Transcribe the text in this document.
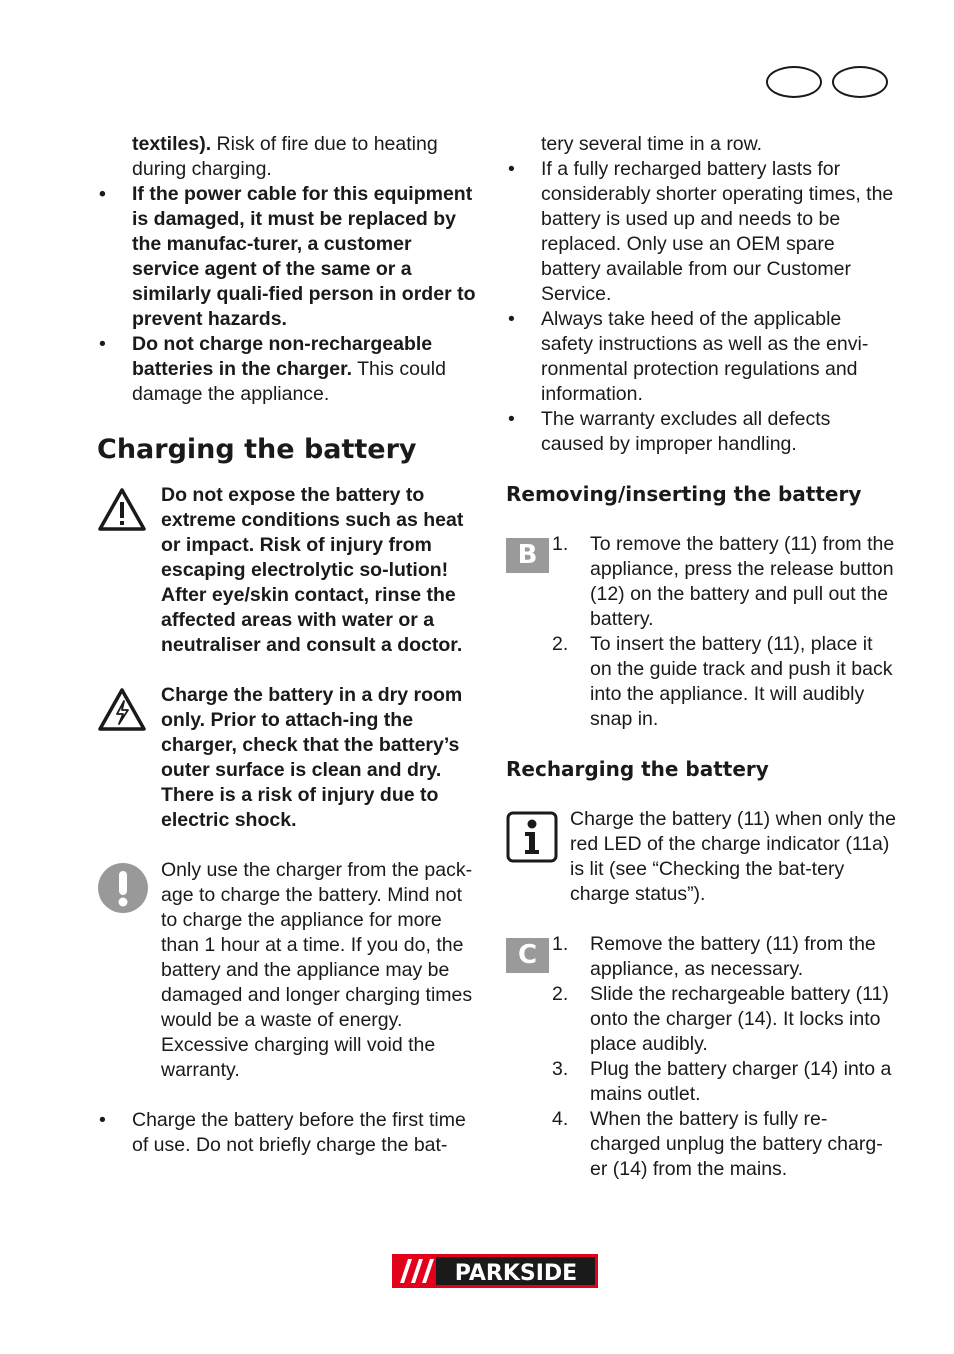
textiles). Risk of fire due to heating during charging.

• If the power cable for this equipment is damaged, it must be replaced by the manufac-turer, a customer service agent of the same or a similarly quali-fied person in order to prevent hazards.
• Do not charge non-rechargeable batteries in the charger. This could damage the appliance.
Charging the battery

Do not expose the battery to extreme conditions such as heat or impact. Risk of injury from escaping electrolytic so-lution! After eye/skin contact, rinse the affected areas with water or a neutraliser and consult a doctor.

Charge the battery in a dry room only. Prior to attach-ing the charger, check that the battery’s outer surface is clean and dry. There is a risk of injury due to electric shock.

Only use the charger from the pack-age to charge the battery. Mind not to charge the appliance for more than 1 hour at a time. If you do, the battery and the appliance may be damaged and longer charging times would be a waste of energy. Excessive charging will void the warranty.

• Charge the battery before the first time of use. Do not briefly charge the bat-

tery several time in a row.

• If a fully recharged battery lasts for considerably shorter operating times, the battery is used up and needs to be replaced. Only use an OEM spare battery available from our Customer Service.
• Always take heed of the applicable safety instructions as well as the envi-ronmental protection regulations and information.
• The warranty excludes all defects caused by improper handling.
Removing/inserting the battery
B 1. To remove the battery (11) from the appliance, press the release button (12) on the battery and pull out the battery.
2. To insert the battery (11), place it on the guide track and push it back into the appliance. It will audibly snap in.
Recharging the battery

Charge the battery (11) when only the red LED of the charge indicator (11a) is lit (see “Checking the bat-tery charge status”).

C 1. Remove the battery (11) from the appliance, as necessary.
2. Slide the rechargeable battery (11) onto the charger (14). It locks into place audibly.
3. Plug the battery charger (14) into a mains outlet.
4. When the battery is fully re-charged unplug the battery charg-er (14) from the mains.
PARKSIDE
